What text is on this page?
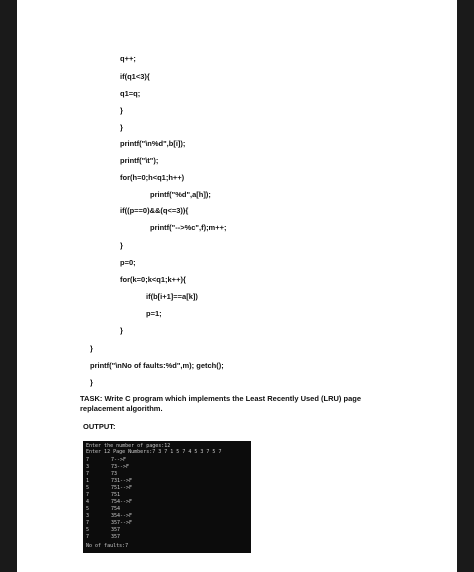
q++;
if(q1<3){
q1=q;
}
}
printf("\n%d",b[i]);
printf("\t");
for(h=0;h<q1;h++)
printf("%d",a[h]);
if((p==0)&&(q<=3)){
printf("-->%c",f);m++;
}
p=0;
for(k=0;k<q1;k++){
if(b[i+1]==a[k])
p=1;
}
}
printf("\nNo of faults:%d",m); getch();
}
TASK: Write C program which implements the Least Recently Used (LRU) page replacement algorithm.
OUTPUT:
Enter the number of pages:12
Enter 12 Page Numbers:7 3 7 1 5 7 4 5 3 7 5 7
7	7-->F
3	73-->F
7	73
1	731-->F
5	751-->F
7	751
4	754-->F
5	754
3	354-->F
7	357-->F
5	357
7	357
No of faults:7
